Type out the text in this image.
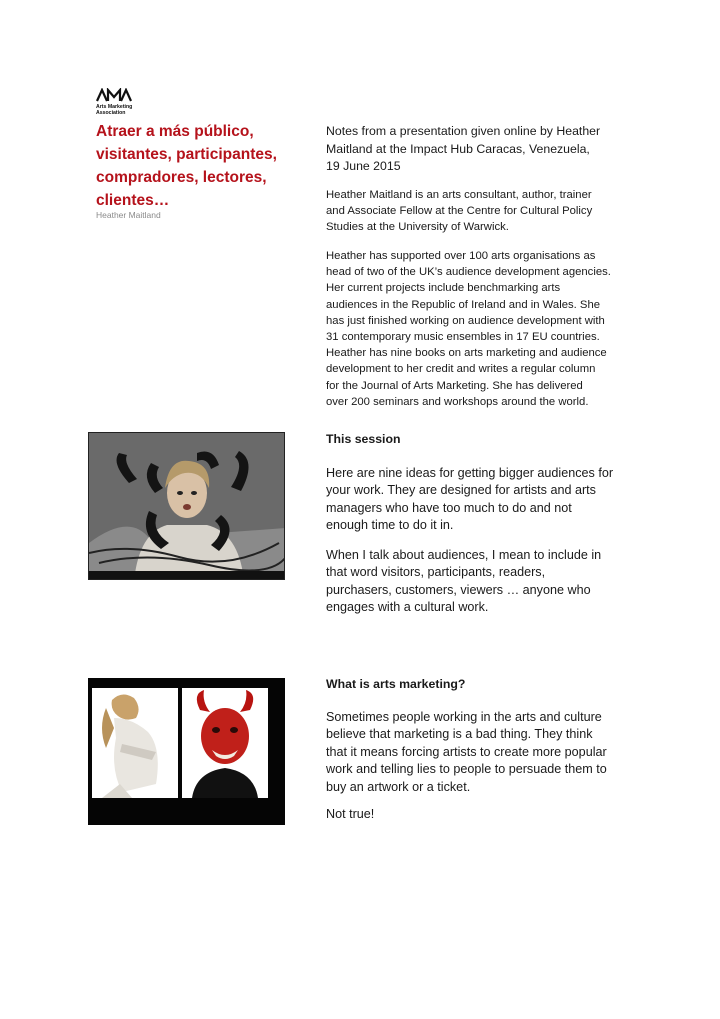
Arts Marketing
Association
Atraer a más público,
visitantes, participantes,
compradores, lectores,
clientes…
Heather Maitland
Notes from a presentation given online by Heather
Maitland at the Impact Hub Caracas, Venezuela,
19 June 2015
Heather Maitland is an arts consultant, author, trainer
and Associate Fellow at the Centre for Cultural Policy
Studies at the University of Warwick.
Heather has supported over 100 arts organisations as
head of two of the UK’s audience development agencies.
Her current projects include benchmarking arts
audiences in the Republic of Ireland and in Wales. She
has just finished working on audience development with
31 contemporary music ensembles in 17 EU countries.
Heather has nine books on arts marketing and audience
development to her credit and writes a regular column
for the Journal of Arts Marketing. She has delivered
over 200 seminars and workshops around the world.
This session
Here are nine ideas for getting bigger audiences for
your work. They are designed for artists and arts
managers who have too much to do and not
enough time to do it in.
When I talk about audiences, I mean to include in
that word visitors, participants, readers,
purchasers, customers, viewers … anyone who
engages with a cultural work.
What is arts marketing?
Sometimes people working in the arts and culture
believe that marketing is a bad thing. They think
that it means forcing artists to create more popular
work and telling lies to people to persuade them to
buy an artwork or a ticket.
Not true!
